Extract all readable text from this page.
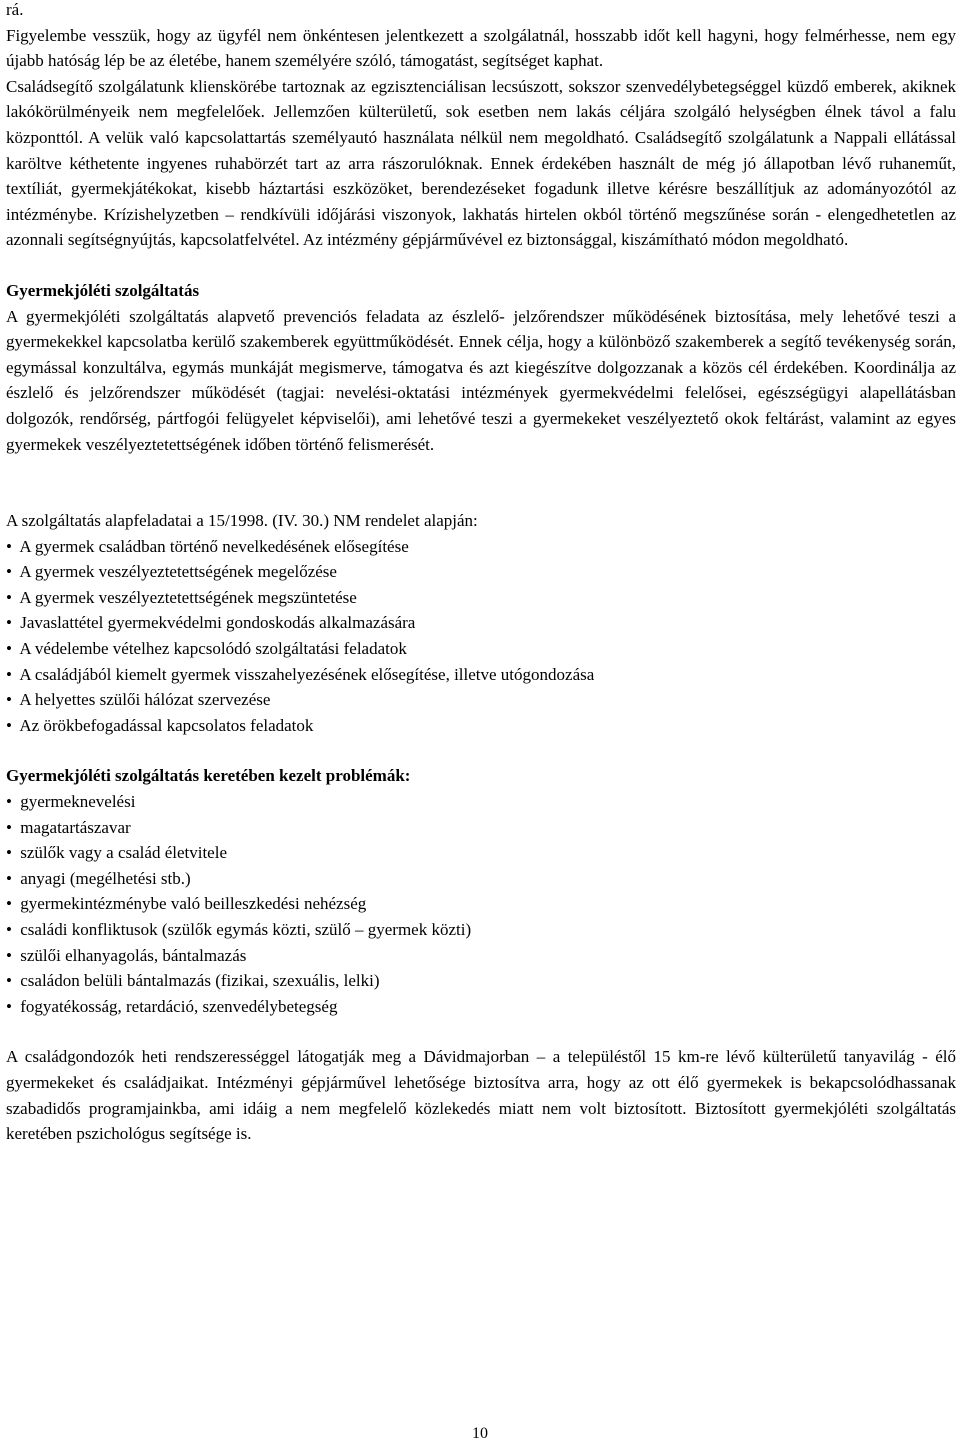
rá.

Figyelembe vesszük, hogy az ügyfél nem önkéntesen jelentkezett a szolgálatnál, hosszabb időt kell hagyni, hogy felmérhesse, nem egy újabb hatóság lép be az életébe, hanem személyére szóló, támogatást, segítséget kaphat.

Családsegítő szolgálatunk klienskörébe tartoznak az egzisztenciálisan lecsúszott, sokszor szenvedélybetegséggel küzdő emberek, akiknek lakókörülményeik nem megfelelőek. Jellemzően külterületű, sok esetben nem lakás céljára szolgáló helységben élnek távol a falu központtól. A velük való kapcsolattartás személyautó használata nélkül nem megoldható. Családsegítő szolgálatunk a Nappali ellátással karöltve kéthetente ingyenes ruhabörzét tart az arra rászorulóknak. Ennek érdekében használt de még jó állapotban lévő ruhaneműt, textíliát, gyermekjátékokat, kisebb háztartási eszközöket, berendezéseket fogadunk illetve kérésre beszállítjuk az adományozótól az intézménybe. Krízishelyzetben – rendkívüli időjárási viszonyok, lakhatás hirtelen okból történő megszűnése során - elengedhetetlen az azonnali segítségnyújtás, kapcsolatfelvétel. Az intézmény gépjárművével ez biztonsággal, kiszámítható módon megoldható.

Gyermekjóléti szolgáltatás

A gyermekjóléti szolgáltatás alapvető prevenciós feladata az észlelő- jelzőrendszer működésének biztosítása, mely lehetővé teszi a gyermekekkel kapcsolatba kerülő szakemberek együttműködését. Ennek célja, hogy a különböző szakemberek a segítő tevékenység során, egymással konzultálva, egymás munkáját megismerve, támogatva és azt kiegészítve dolgozzanak a közös cél érdekében. Koordinálja az észlelő és jelzőrendszer működését (tagjai: nevelési-oktatási intézmények gyermekvédelmi felelősei, egészségügyi alapellátásban dolgozók, rendőrség, pártfogói felügyelet képviselői), ami lehetővé teszi a gyermekeket veszélyeztető okok feltárást, valamint az egyes gyermekek veszélyeztetettségének időben történő felismerését.

A szolgáltatás alapfeladatai a 15/1998. (IV. 30.) NM rendelet alapján:

• A gyermek családban történő nevelkedésének elősegítése
• A gyermek veszélyeztetettségének megelőzése
• A gyermek veszélyeztetettségének megszüntetése
• Javaslattétel gyermekvédelmi gondoskodás alkalmazására
• A védelembe vételhez kapcsolódó szolgáltatási feladatok
• A családjából kiemelt gyermek visszahelyezésének elősegítése, illetve utógondozása
• A helyettes szülői hálózat szervezése
• Az örökbefogadással kapcsolatos feladatok

Gyermekjóléti szolgáltatás keretében kezelt problémák:

• gyermeknevelési
• magatartászavar
• szülők vagy a család életvitele
• anyagi (megélhetési stb.)
• gyermekintézménybe való beilleszkedési nehézség
• családi konfliktusok (szülők egymás közti, szülő – gyermek közti)
• szülői elhanyagolás, bántalmazás
• családon belüli bántalmazás (fizikai, szexuális, lelki)
• fogyatékosság, retardáció, szenvedélybetegség

A családgondozók heti rendszerességgel látogatják meg a Dávidmajorban – a településtől 15 km-re lévő külterületű tanyavilág - élő gyermekeket és családjaikat. Intézményi gépjárművel lehetősége biztosítva arra, hogy az ott élő gyermekek is bekapcsolódhassanak szabadidős programjainkba, ami idáig a nem megfelelő közlekedés miatt nem volt biztosított. Biztosított gyermekjóléti szolgáltatás keretében pszichológus segítsége is.

10
